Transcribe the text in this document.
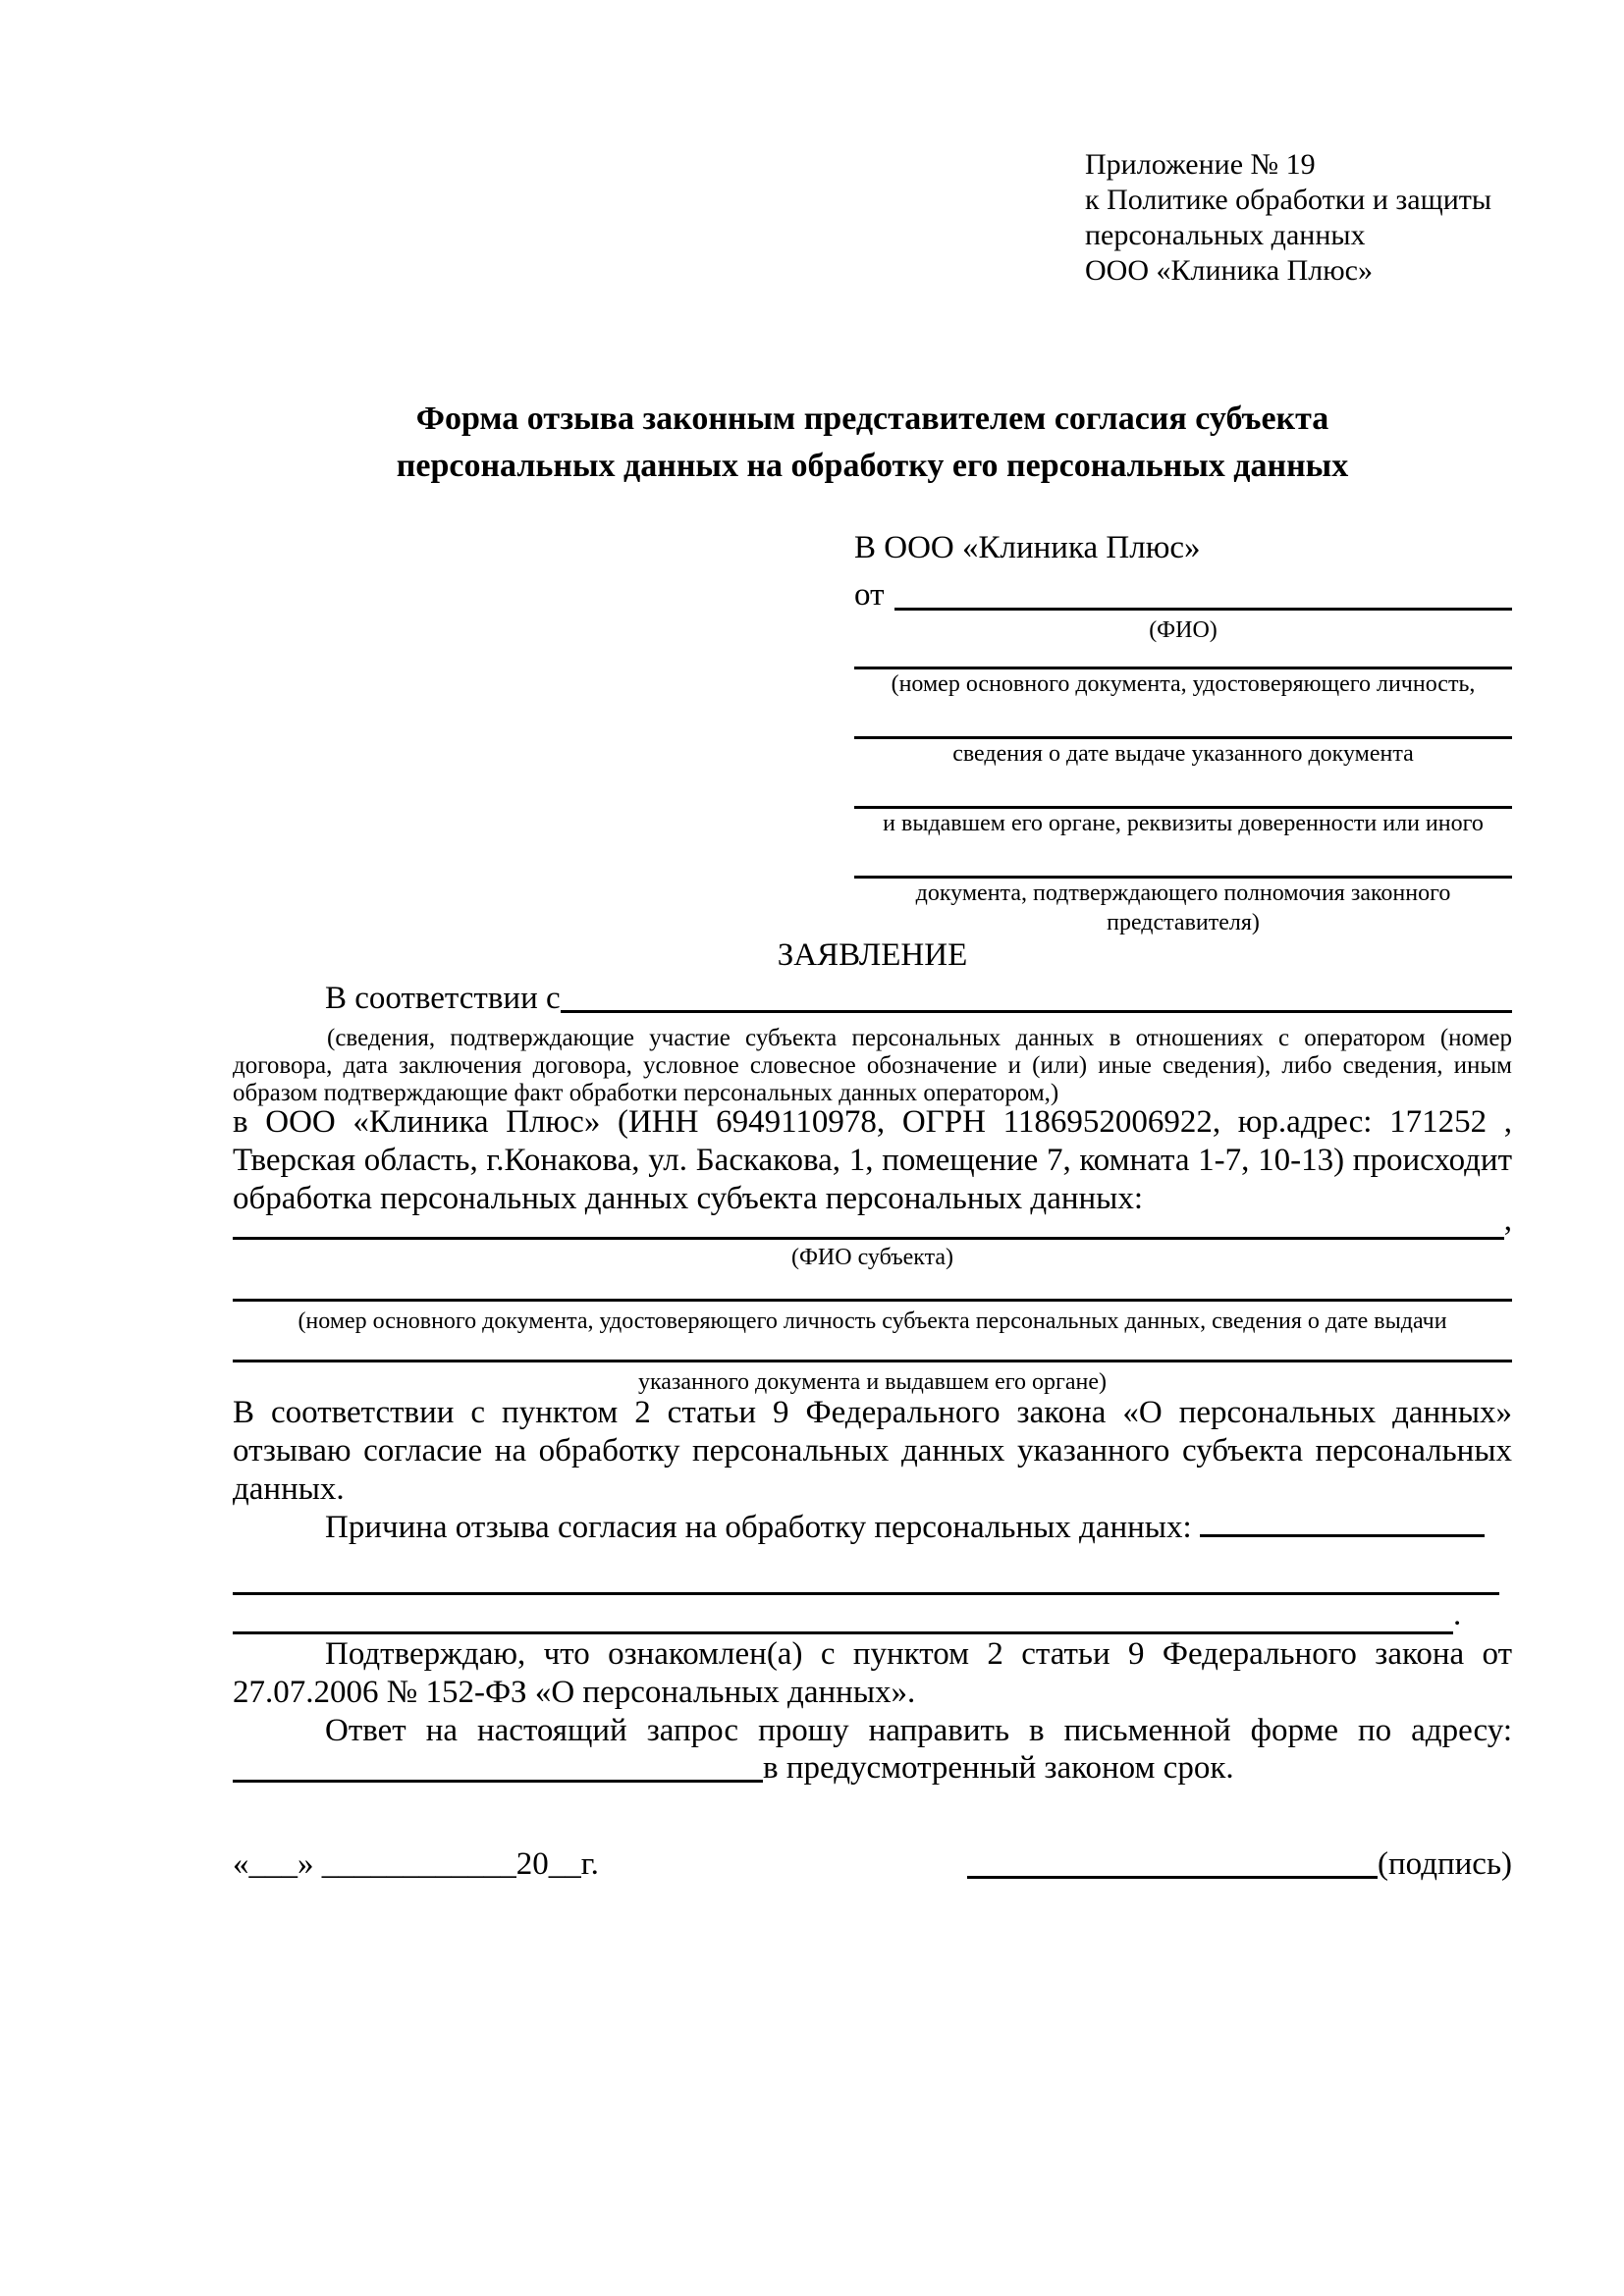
Приложение № 19
к Политике обработки и защиты
персональных данных
ООО «Клиника Плюс»
Форма отзыва законным представителем согласия субъекта
персональных данных на обработку его персональных данных
В ООО «Клиника Плюс»
от
(ФИО)
(номер основного документа, удостоверяющего личность,
сведения о дате выдаче указанного документа
и выдавшем его органе, реквизиты доверенности или иного
документа, подтверждающего полномочия законного представителя)
ЗАЯВЛЕНИЕ
В соответствии с
(сведения, подтверждающие участие субъекта персональных данных в отношениях с оператором (номер договора, дата заключения договора, условное словесное обозначение и (или) иные сведения), либо сведения, иным образом подтверждающие факт обработки персональных данных оператором,)

в ООО «Клиника Плюс» (ИНН 6949110978, ОГРН 1186952006922, юр.адрес: 171252 , Тверская область, г.Конакова, ул. Баскакова, 1, помещение 7, комната 1-7, 10-13) происходит обработка персональных данных субъекта персональных данных:

,
(ФИО субъекта)
(номер основного документа, удостоверяющего личность субъекта персональных данных, сведения о дате выдачи
указанного документа и выдавшем его органе)

В соответствии с пунктом 2 статьи 9 Федерального закона «О персональных данных» отзываю согласие на обработку персональных данных указанного субъекта персональных данных.

Причина отзыва согласия на обработку персональных данных:

.

Подтверждаю, что ознакомлен(а) с пунктом 2 статьи 9 Федерального закона от 27.07.2006 № 152-ФЗ «О персональных данных».

Ответ на настоящий запрос прошу направить в письменной форме по адресу:
в предусмотренный законом срок.
«___» ____________20__г.	(подпись)
